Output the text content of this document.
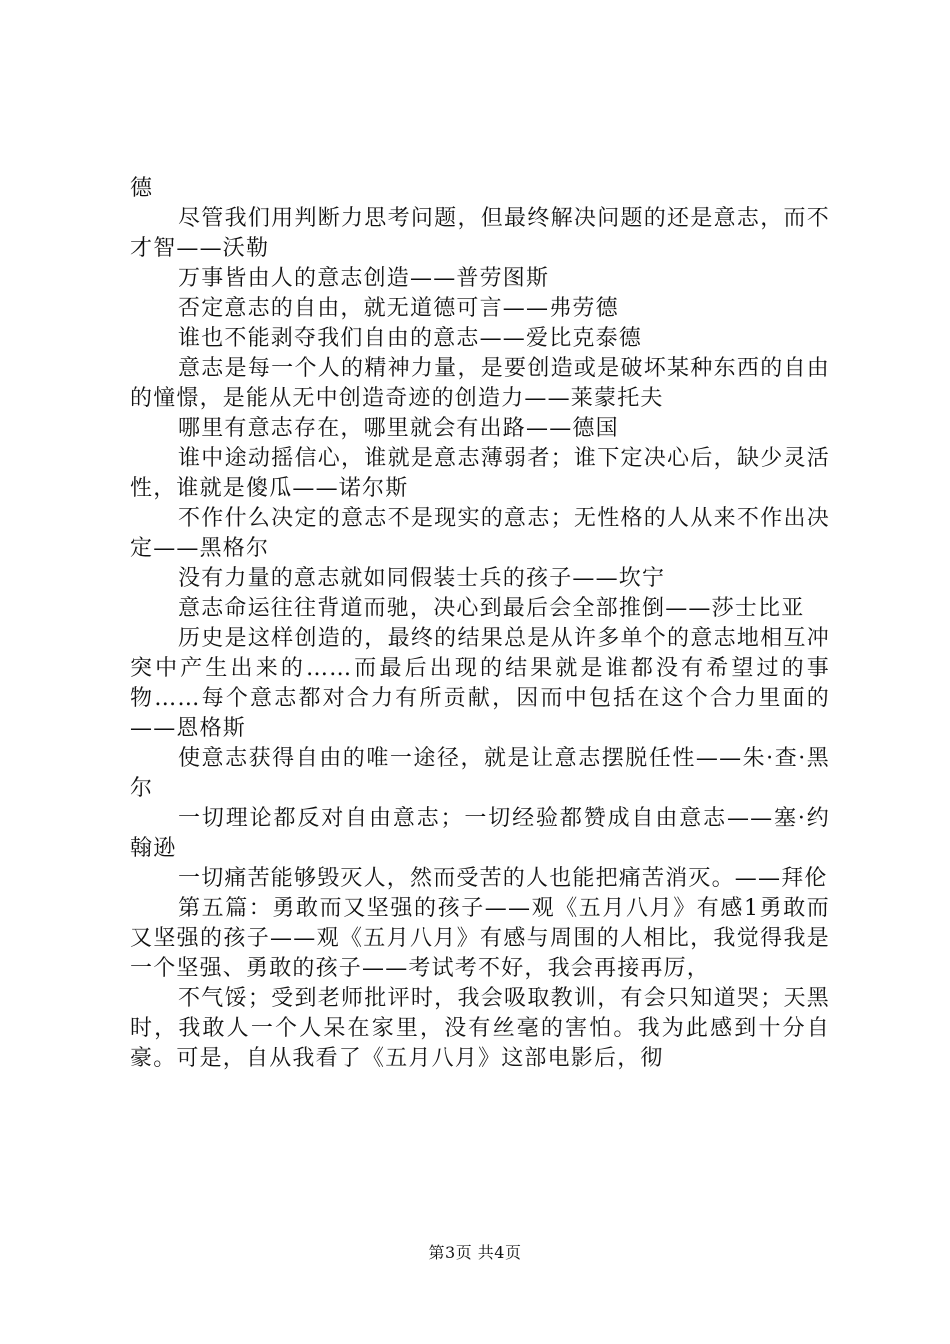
德

尽管我们用判断力思考问题，但最终解决问题的还是意志，而不才智——沃勒

万事皆由人的意志创造——普劳图斯

否定意志的自由，就无道德可言——弗劳德

谁也不能剥夺我们自由的意志——爱比克泰德

意志是每一个人的精神力量，是要创造或是破坏某种东西的自由的憧憬，是能从无中创造奇迹的创造力——莱蒙托夫

哪里有意志存在，哪里就会有出路——德国

谁中途动摇信心，谁就是意志薄弱者；谁下定决心后，缺少灵活性，谁就是傻瓜——诺尔斯

不作什么决定的意志不是现实的意志；无性格的人从来不作出决定——黑格尔

没有力量的意志就如同假装士兵的孩子——坎宁

意志命运往往背道而驰，决心到最后会全部推倒——莎士比亚

历史是这样创造的，最终的结果总是从许多单个的意志地相互冲突中产生出来的……而最后出现的结果就是谁都没有希望过的事物……每个意志都对合力有所贡献，因而中包括在这个合力里面的——恩格斯

使意志获得自由的唯一途径，就是让意志摆脱任性——朱·查·黑尔

一切理论都反对自由意志；一切经验都赞成自由意志——塞·约翰逊

一切痛苦能够毁灭人，然而受苦的人也能把痛苦消灭。——拜伦

第五篇：勇敢而又坚强的孩子——观《五月八月》有感1勇敢而又坚强的孩子——观《五月八月》有感与周围的人相比，我觉得我是一个坚强、勇敢的孩子——考试考不好，我会再接再厉，

不气馁；受到老师批评时，我会吸取教训，有会只知道哭；天黑时，我敢人一个人呆在家里，没有丝毫的害怕。我为此感到十分自豪。可是，自从我看了《五月八月》这部电影后，彻

第3页 共4页
